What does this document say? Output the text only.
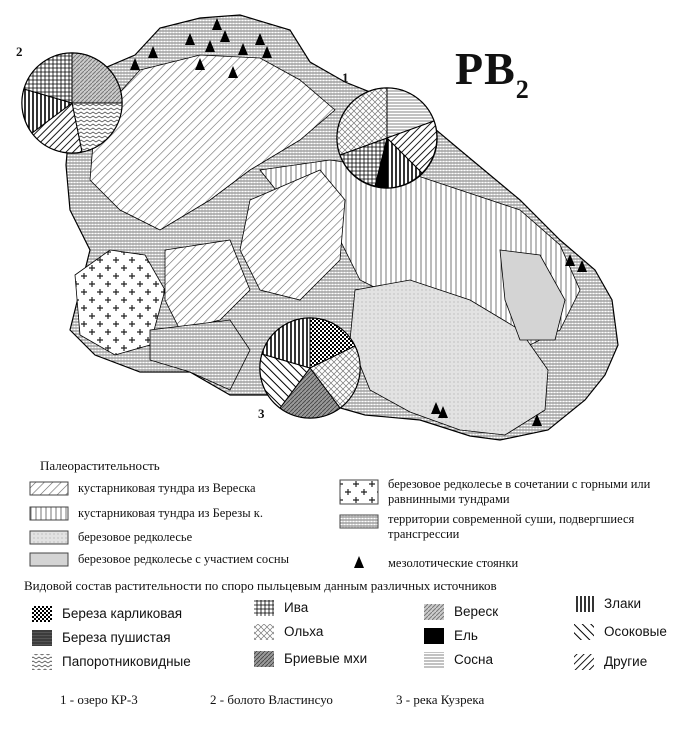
$PB_2$
1
2
3
Палеорастительность
кустарниковая тундра из Вереска
кустарниковая тундра из Березы к.
березовое редколесье
березовое редколесье с участием сосны
березовое редколесье в сочетании с горными или равнинными тундрами
территории современной суши, подвергшиеся трансгрессии
мезолотические стоянки
Видовой состав растительности по споро пыльцевым данным различных источников
Береза карликовая
Береза пушистая
Папоротниковидные
Ива
Ольха
Бриевые мхи
Вереск
Ель
Сосна
Злаки
Осоковые
Другие
1 - озеро КР-3	2 - болото Властинсуо	3 - река Кузрека
